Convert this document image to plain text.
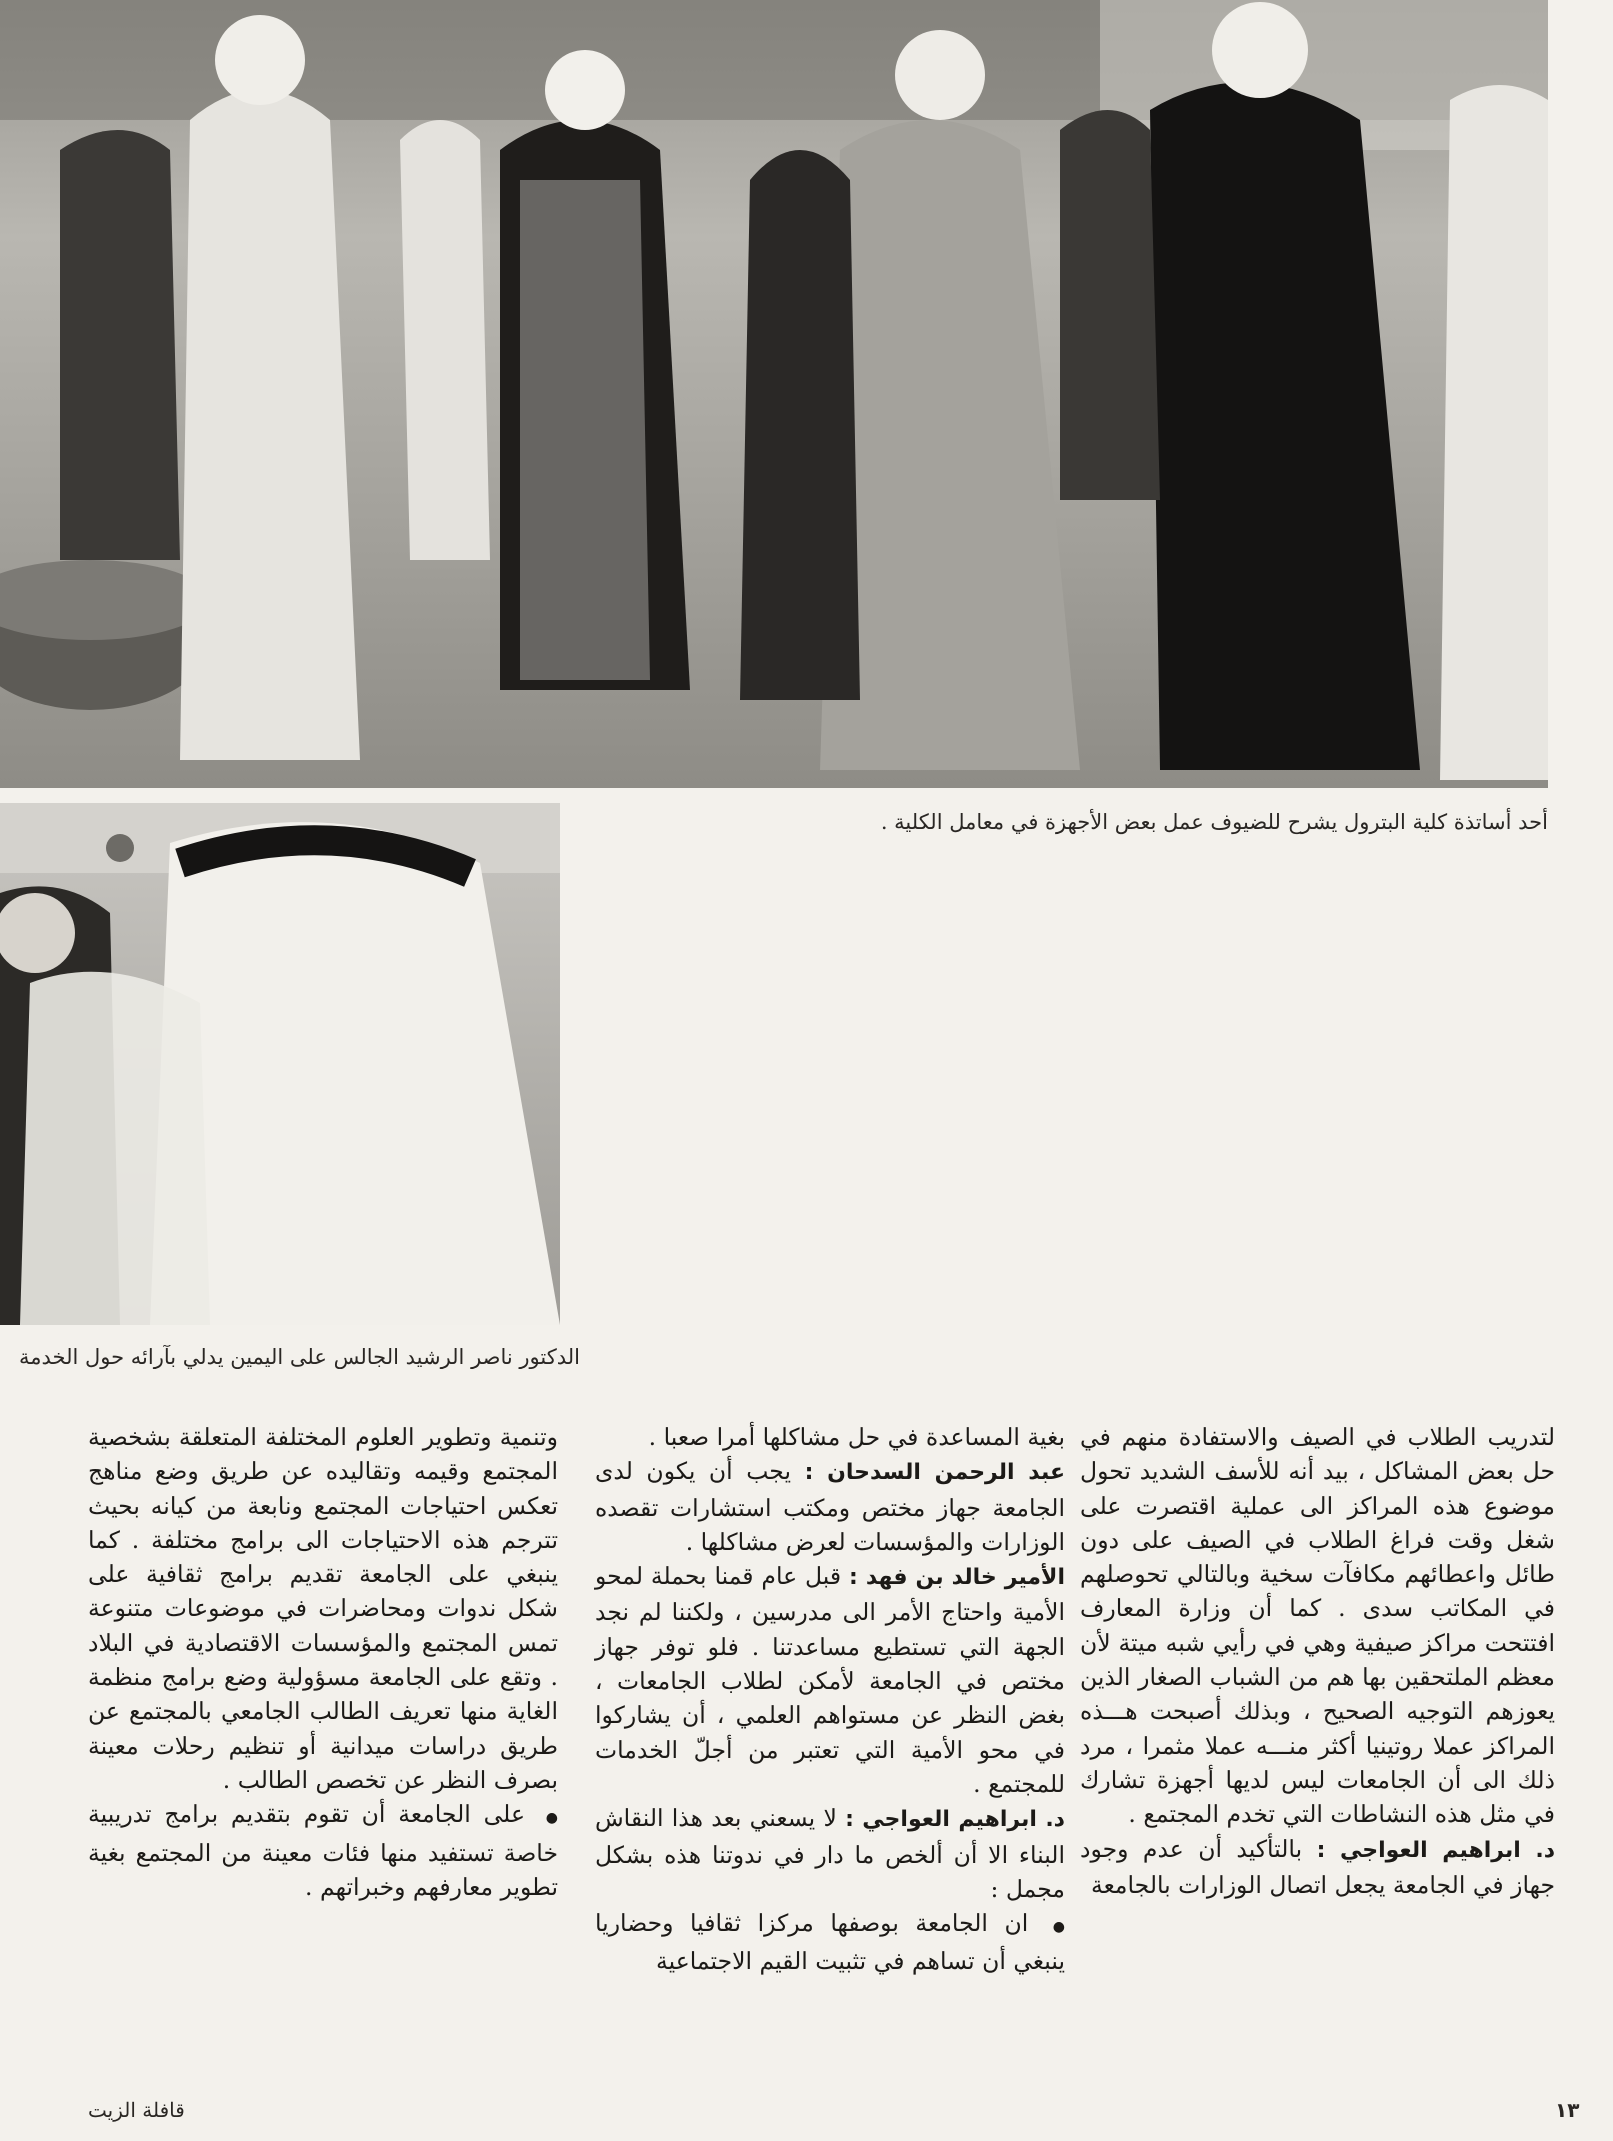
أحد أساتذة كلية البترول يشرح للضيوف عمل بعض الأجهزة في معامل الكلية .
الدكتور ناصر الرشيد الجالس على اليمين يدلي بآرائه حول الخدمة

لتدريب الطلاب في الصيف والاستفادة منهم في حل بعض المشاكل ، بيد أنه للأسف الشديد تحول موضوع هذه المراكز الى عملية اقتصرت على شغل وقت فراغ الطلاب في الصيف على دون طائل واعطائهم مكافآت سخية وبالتالي تحوصلهم في المكاتب سدى . كما أن وزارة المعارف افتتحت مراكز صيفية وهي في رأيي شبه ميتة لأن معظم الملتحقين بها هم من الشباب الصغار الذين يعوزهم التوجيه الصحيح ، وبذلك أصبحت هـــذه المراكز عملا روتينيا أكثر منـــه عملا مثمرا ، مرد ذلك الى أن الجامعات ليس لديها أجهزة تشارك في مثل هذه النشاطات التي تخدم المجتمع .

د. ابراهيم العواجي : بالتأكيد أن عدم وجود جهاز في الجامعة يجعل اتصال الوزارات بالجامعة

بغية المساعدة في حل مشاكلها أمرا صعبا .

عبد الرحمن السدحان : يجب أن يكون لدى الجامعة جهاز مختص ومكتب استشارات تقصده الوزارات والمؤسسات لعرض مشاكلها .

الأمير خالد بن فهد : قبل عام قمنا بحملة لمحو الأمية واحتاج الأمر الى مدرسين ، ولكننا لم نجد الجهة التي تستطيع مساعدتنا . فلو توفر جهاز مختص في الجامعة لأمكن لطلاب الجامعات ، بغض النظر عن مستواهم العلمي ، أن يشاركوا في محو الأمية التي تعتبر من أجلّ الخدمات للمجتمع .

د. ابراهيم العواجي : لا يسعني بعد هذا النقاش البناء الا أن ألخص ما دار في ندوتنا هذه بشكل مجمل :

● ان الجامعة بوصفها مركزا ثقافيا وحضاريا ينبغي أن تساهم في تثبيت القيم الاجتماعية

وتنمية وتطوير العلوم المختلفة المتعلقة بشخصية المجتمع وقيمه وتقاليده عن طريق وضع مناهج تعكس احتياجات المجتمع ونابعة من كيانه بحيث تترجم هذه الاحتياجات الى برامج مختلفة . كما ينبغي على الجامعة تقديم برامج ثقافية على شكل ندوات ومحاضرات في موضوعات متنوعة تمس المجتمع والمؤسسات الاقتصادية في البلاد . وتقع على الجامعة مسؤولية وضع برامج منظمة الغاية منها تعريف الطالب الجامعي بالمجتمع عن طريق دراسات ميدانية أو تنظيم رحلات معينة بصرف النظر عن تخصص الطالب .

● على الجامعة أن تقوم بتقديم برامج تدريبية خاصة تستفيد منها فئات معينة من المجتمع بغية تطوير معارفهم وخبراتهم .

١٣
قافلة الزيت
